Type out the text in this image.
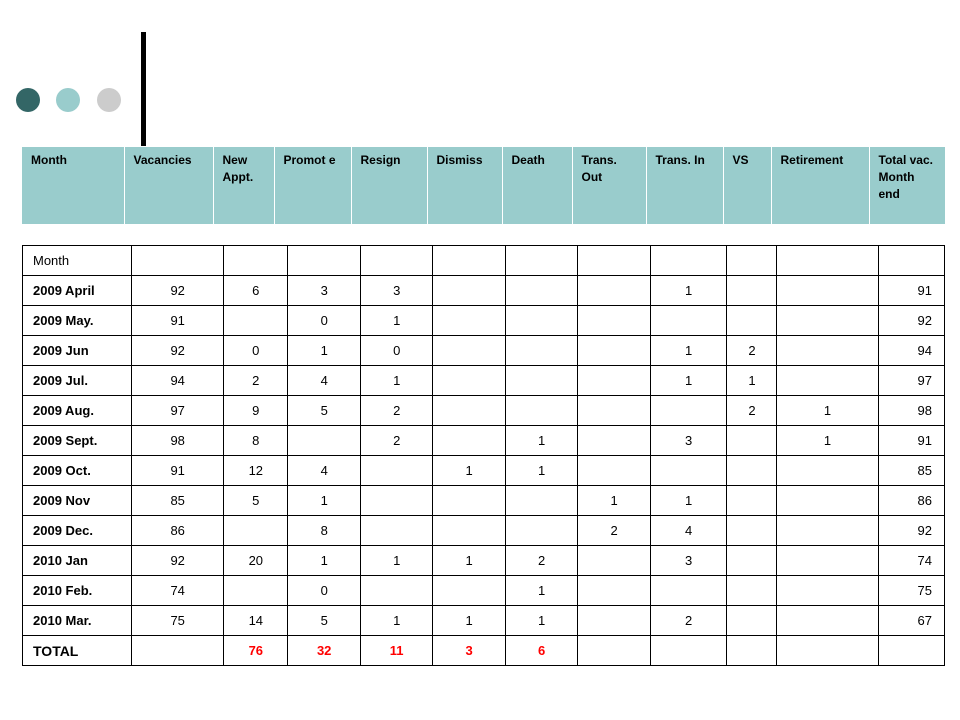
Month	Vacancies	New Appt.	Promot e	Resign	Dismiss	Death	Trans. Out	Trans. In	VS	Retirement	Total vac. Month end
Month											
2009 April	92	6	3	3				1			91
2009 May.	91		0	1							92
2009 Jun	92	0	1	0				1	2		94
2009 Jul.	94	2	4	1				1	1		97
2009 Aug.	97	9	5	2					2	1	98
2009 Sept.	98	8		2		1		3		1	91
2009 Oct.	91	12	4		1	1					85
2009 Nov	85	5	1				1	1			86
2009 Dec.	86		8				2	4			92
2010 Jan	92	20	1	1	1	2		3			74
2010 Feb.	74		0			1					75
2010 Mar.	75	14	5	1	1	1		2			67
TOTAL		76	32	11	3	6					
